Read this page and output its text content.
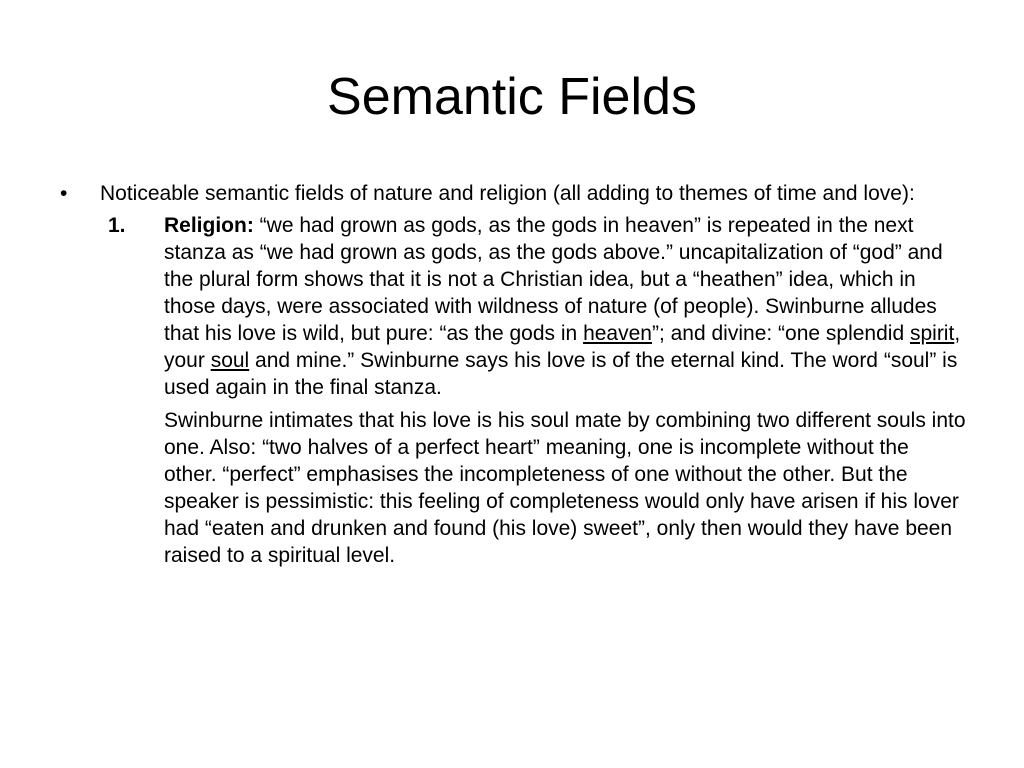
Semantic Fields
• Noticeable semantic fields of nature and religion (all adding to themes of time and love):
1. Religion: “we had grown as gods, as the gods in heaven” is repeated in the next stanza as “we had grown as gods, as the gods above.” uncapitalization of “god” and the plural form shows that it is not a Christian idea, but a “heathen” idea, which in those days, were associated with wildness of nature (of people). Swinburne alludes that his love is wild, but pure: “as the gods in heaven”; and divine: “one splendid spirit, your soul and mine.” Swinburne says his love is of the eternal kind. The word “soul” is used again in the final stanza.
Swinburne intimates that his love is his soul mate by combining two different souls into one. Also: “two halves of a perfect heart” meaning, one is incomplete without the other. “perfect” emphasises the incompleteness of one without the other. But the speaker is pessimistic: this feeling of completeness would only have arisen if his lover had “eaten and drunken and found (his love) sweet”, only then would they have been raised to a spiritual level.
